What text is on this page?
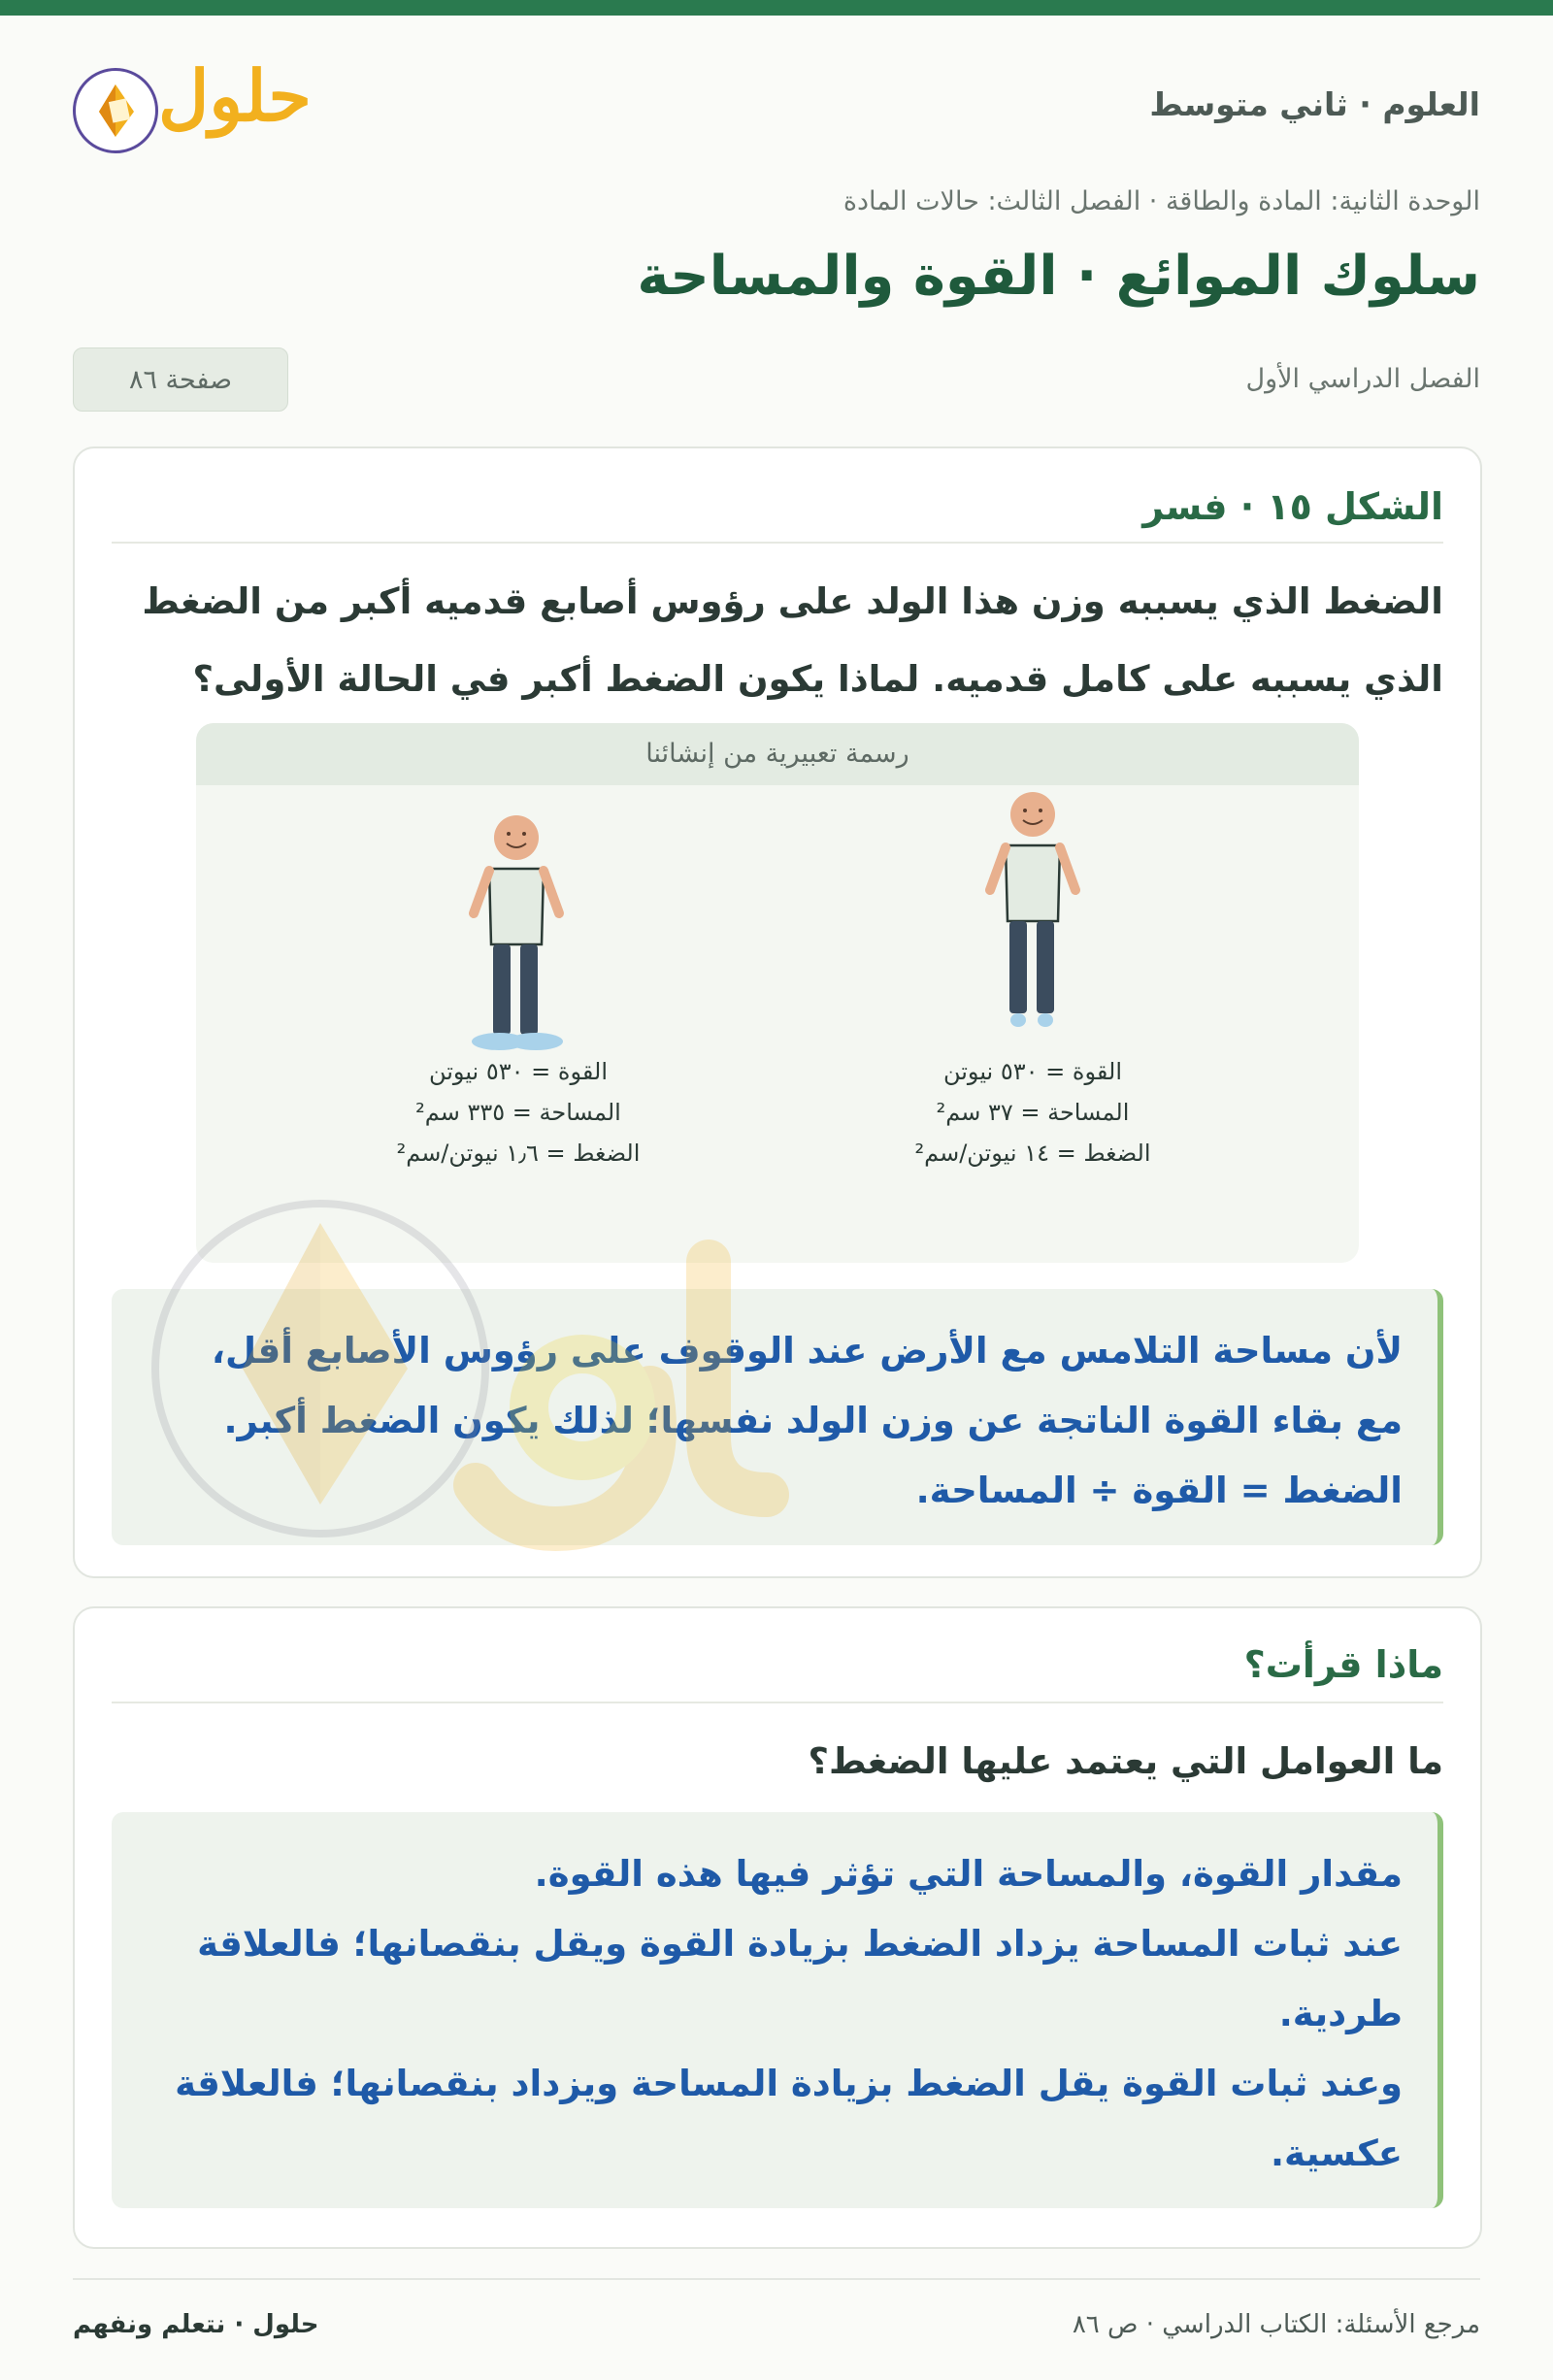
العلوم · ثاني متوسط
حلول
الوحدة الثانية: المادة والطاقة · الفصل الثالث: حالات المادة
سلوك الموائع · القوة والمساحة
الفصل الدراسي الأول
صفحة ٨٦
الشكل ١٥ · فسر
الضغط الذي يسببه وزن هذا الولد على رؤوس أصابع قدميه أكبر من الضغط
الذي يسببه على كامل قدميه. لماذا يكون الضغط أكبر في الحالة الأولى؟
رسمة تعبيرية من إنشائنا
القوة = ٥٣٠ نيوتن
المساحة = ٣٧ سم²
الضغط = ١٤ نيوتن/سم²
القوة = ٥٣٠ نيوتن
المساحة = ٣٣٥ سم²
الضغط = ١٫٦ نيوتن/سم²

لأن مساحة التلامس مع الأرض عند الوقوف على رؤوس الأصابع أقل،

مع بقاء القوة الناتجة عن وزن الولد نفسها؛ لذلك يكون الضغط أكبر.

الضغط = القوة ÷ المساحة.

ماذا قرأت؟
ما العوامل التي يعتمد عليها الضغط؟

مقدار القوة، والمساحة التي تؤثر فيها هذه القوة.

عند ثبات المساحة يزداد الضغط بزيادة القوة ويقل بنقصانها؛ فالعلاقة

طردية.

وعند ثبات القوة يقل الضغط بزيادة المساحة ويزداد بنقصانها؛ فالعلاقة

عكسية.

مرجع الأسئلة: الكتاب الدراسي · ص ٨٦
حلول · نتعلم ونفهم
